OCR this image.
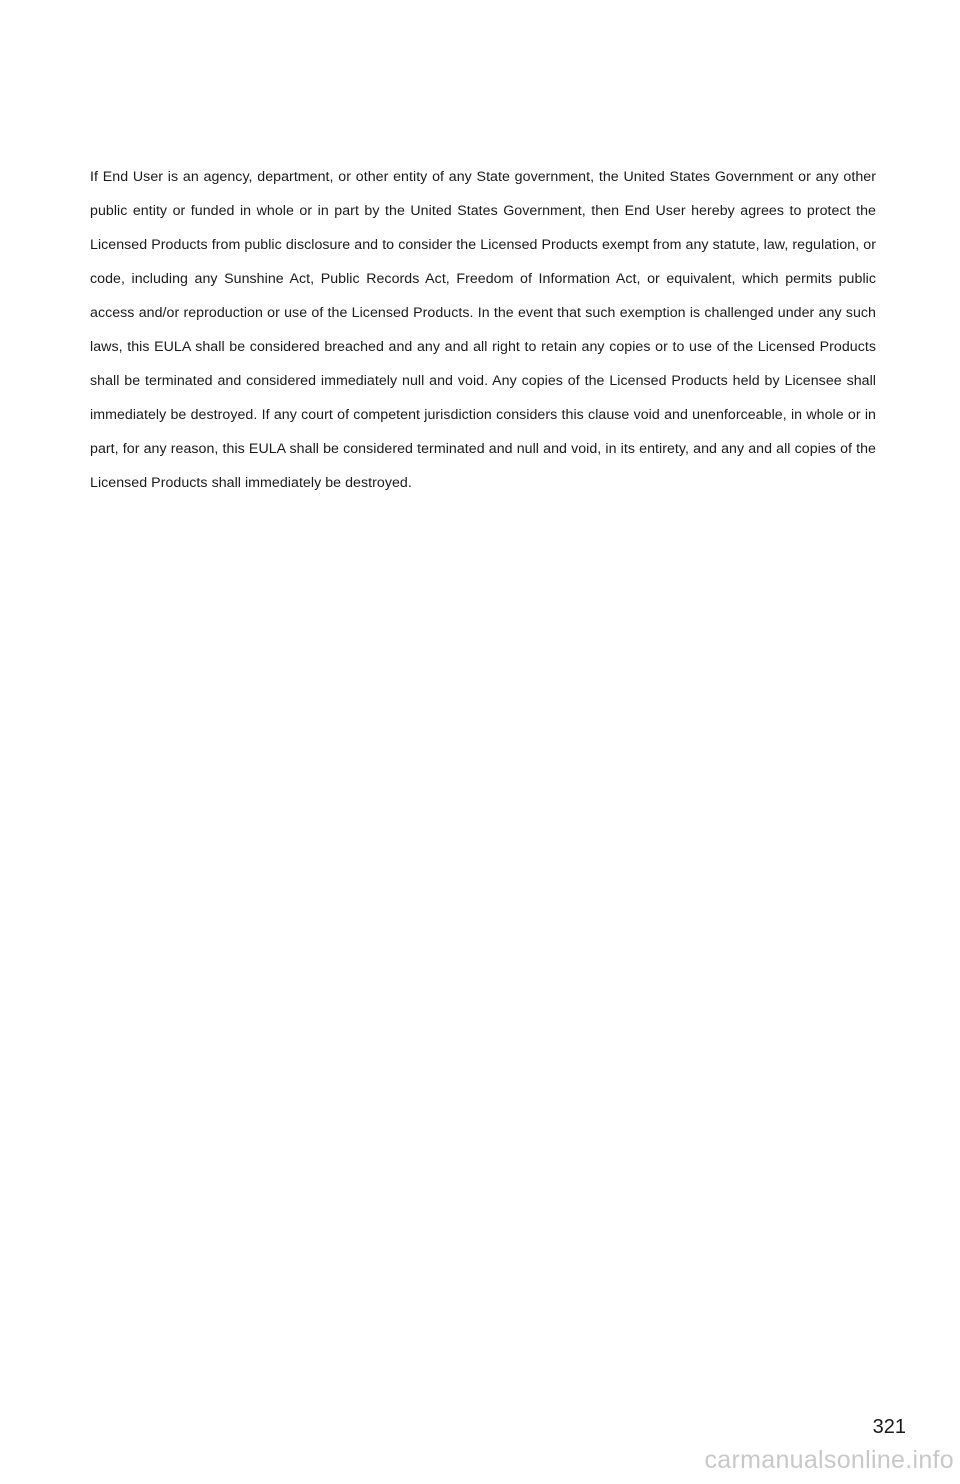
If End User is an agency, department, or other entity of any State government, the United States Government or any other public entity or funded in whole or in part by the United States Government, then End User hereby agrees to protect the Licensed Products from public disclosure and to consider the Licensed Products exempt from any statute, law, regulation, or code, including any Sunshine Act, Public Records Act, Freedom of Information Act, or equivalent, which permits public access and/or reproduction or use of the Licensed Products. In the event that such exemption is challenged under any such laws, this EULA shall be considered breached and any and all right to retain any copies or to use of the Licensed Products shall be terminated and considered immediately null and void. Any copies of the Licensed Products held by Licensee shall immediately be destroyed. If any court of competent jurisdiction considers this clause void and unenforceable, in whole or in part, for any reason, this EULA shall be considered terminated and null and void, in its entirety, and any and all copies of the Licensed Products shall immediately be destroyed.

321
carmanualsonline.info
